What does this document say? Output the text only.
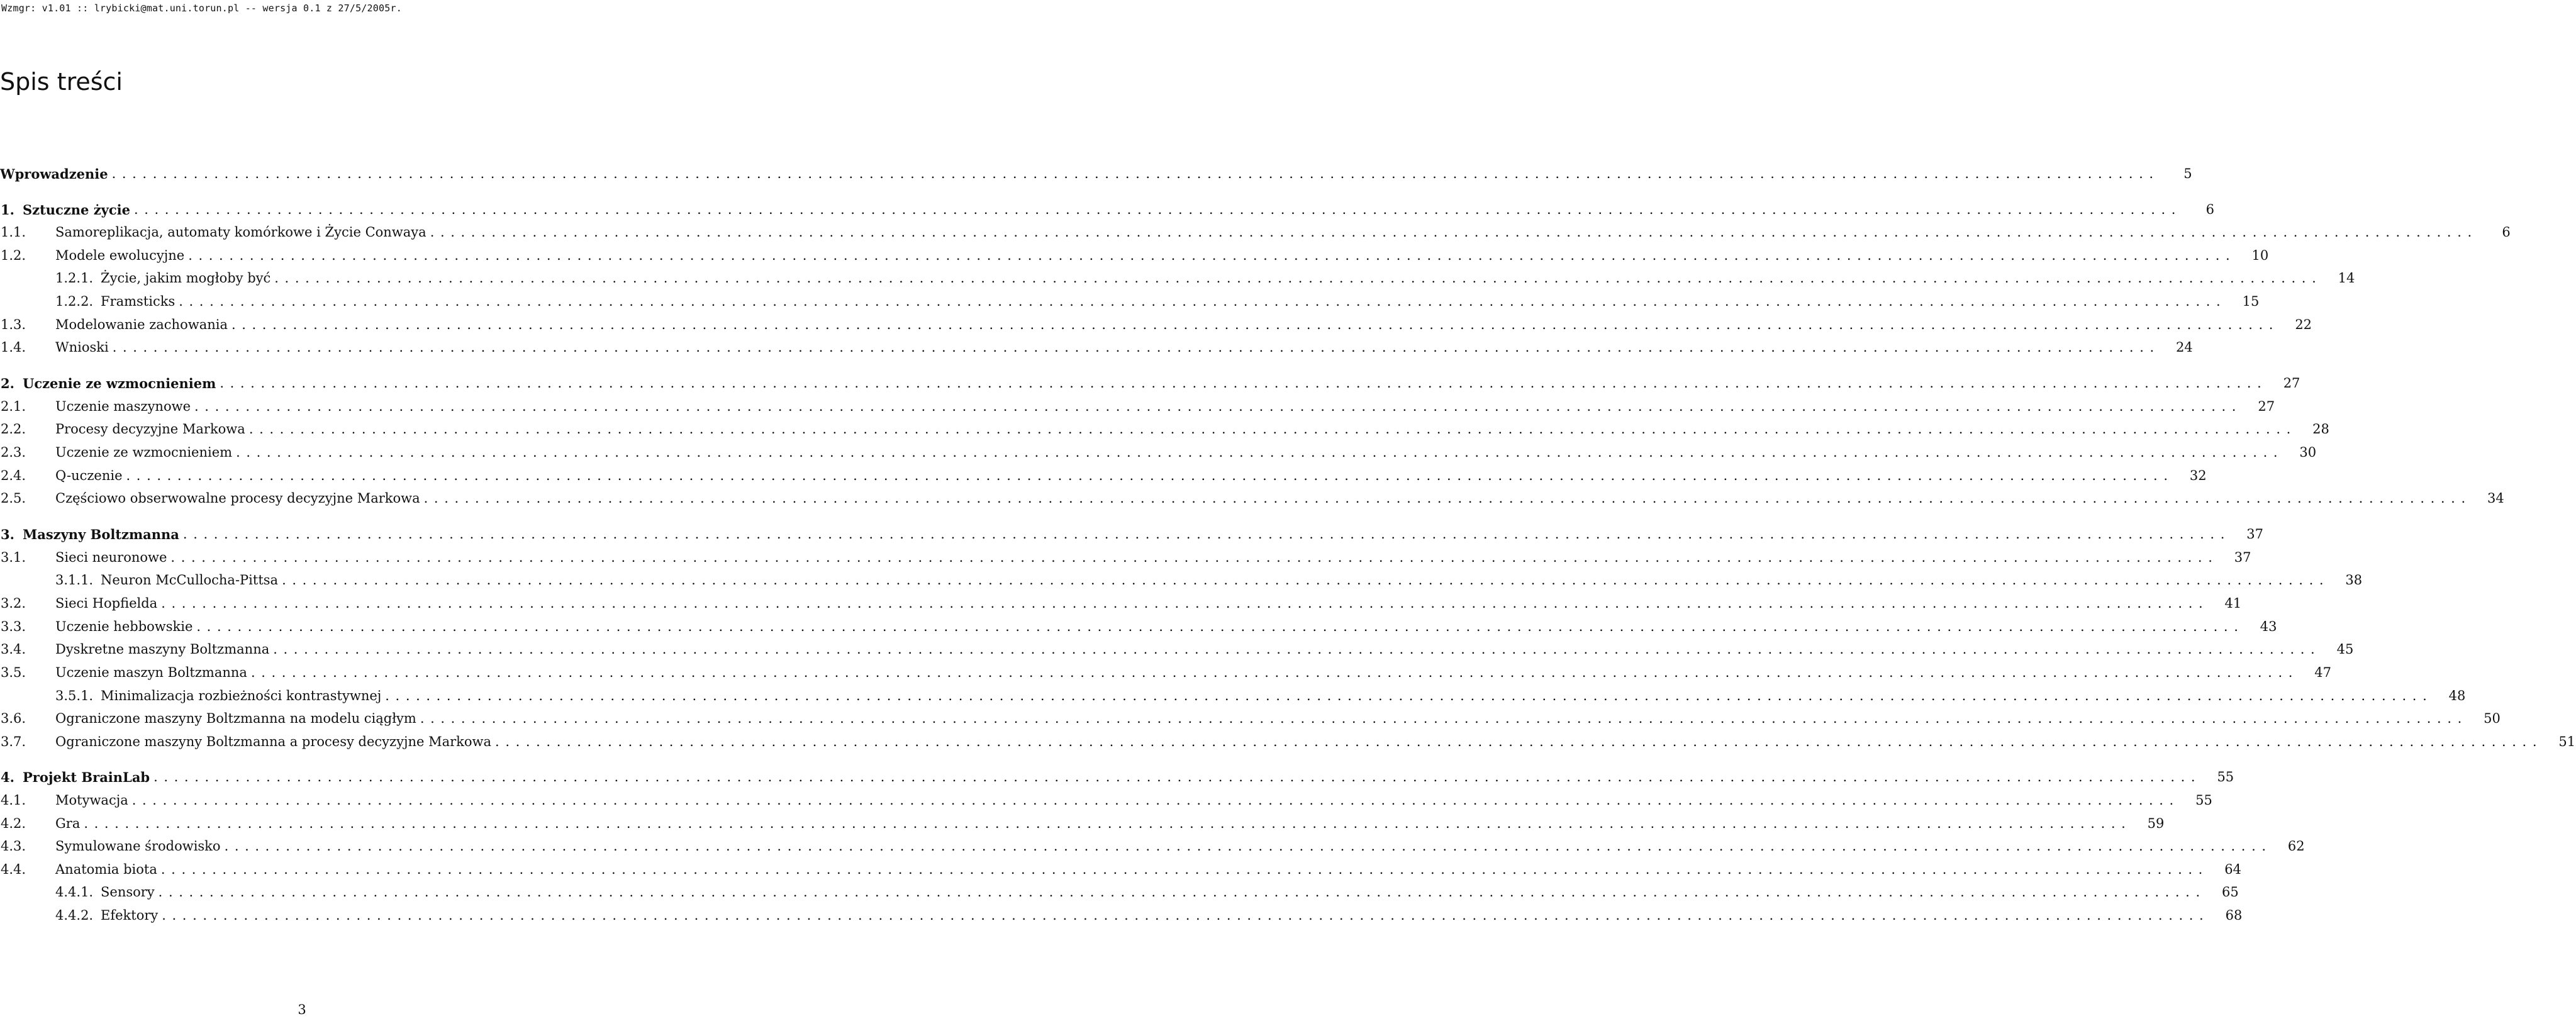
Wzmgr: v1.01 :: lrybicki@mat.uni.torun.pl -- wersja 0.1 z 27/5/2005r.
Spis treści
Wprowadzenie ........................................................................................................................................................................................................	5
1. Sztuczne życie ........................................................................................................................................................................................................	6
1.1.	Samoreplikacja, automaty komórkowe i Życie Conwaya ........................................................................................................................................................................................................	6
1.2.	Modele ewolucyjne ........................................................................................................................................................................................................	10
1.2.1. Życie, jakim mogłoby być ........................................................................................................................................................................................................	14
1.2.2. Framsticks ........................................................................................................................................................................................................	15
1.3.	Modelowanie zachowania ........................................................................................................................................................................................................	22
1.4.	Wnioski ........................................................................................................................................................................................................	24
2. Uczenie ze wzmocnieniem ........................................................................................................................................................................................................	27
2.1.	Uczenie maszynowe ........................................................................................................................................................................................................	27
2.2.	Procesy decyzyjne Markowa ........................................................................................................................................................................................................	28
2.3.	Uczenie ze wzmocnieniem ........................................................................................................................................................................................................	30
2.4.	Q-uczenie ........................................................................................................................................................................................................	32
2.5.	Częściowo obserwowalne procesy decyzyjne Markowa ........................................................................................................................................................................................................	34
3. Maszyny Boltzmanna ........................................................................................................................................................................................................	37
3.1.	Sieci neuronowe ........................................................................................................................................................................................................	37
3.1.1. Neuron McCullocha-Pittsa ........................................................................................................................................................................................................	38
3.2.	Sieci Hopfielda ........................................................................................................................................................................................................	41
3.3.	Uczenie hebbowskie ........................................................................................................................................................................................................	43
3.4.	Dyskretne maszyny Boltzmanna ........................................................................................................................................................................................................	45
3.5.	Uczenie maszyn Boltzmanna ........................................................................................................................................................................................................	47
3.5.1. Minimalizacja rozbieżności kontrastywnej ........................................................................................................................................................................................................	48
3.6.	Ograniczone maszyny Boltzmanna na modelu ciągłym ........................................................................................................................................................................................................	50
3.7.	Ograniczone maszyny Boltzmanna a procesy decyzyjne Markowa ........................................................................................................................................................................................................	51
4. Projekt BrainLab ........................................................................................................................................................................................................	55
4.1.	Motywacja ........................................................................................................................................................................................................	55
4.2.	Gra ........................................................................................................................................................................................................	59
4.3.	Symulowane środowisko ........................................................................................................................................................................................................	62
4.4.	Anatomia biota ........................................................................................................................................................................................................	64
4.4.1. Sensory ........................................................................................................................................................................................................	65
4.4.2. Efektory ........................................................................................................................................................................................................	68
3
